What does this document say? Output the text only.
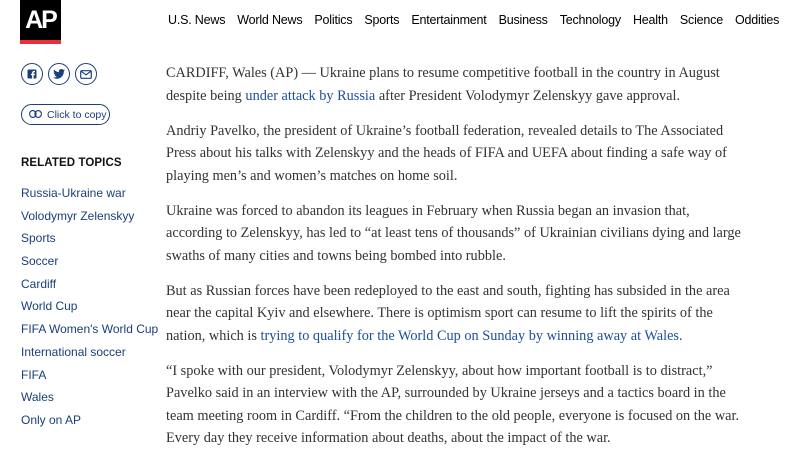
AP	U.S. News World News Politics Sports Entertainment Business Technology Health Science Oddities
Click to copy
RELATED TOPICS
Russia-Ukraine war
Volodymyr Zelenskyy
Sports
Soccer
Cardiff
World Cup
FIFA Women's World Cup
International soccer
FIFA
Wales
Only on AP

CARDIFF, Wales (AP) — Ukraine plans to resume competitive football in the country in August despite being under attack by Russia after President Volodymyr Zelenskyy gave approval.

Andriy Pavelko, the president of Ukraine’s football federation, revealed details to The Associated Press about his talks with Zelenskyy and the heads of FIFA and UEFA about finding a safe way of playing men’s and women’s matches on home soil.

Ukraine was forced to abandon its leagues in February when Russia began an invasion that, according to Zelenskyy, has led to “at least tens of thousands” of Ukrainian civilians dying and large swaths of many cities and towns being bombed into rubble.

But as Russian forces have been redeployed to the east and south, fighting has subsided in the area near the capital Kyiv and elsewhere. There is optimism sport can resume to lift the spirits of the nation, which is trying to qualify for the World Cup on Sunday by winning away at Wales.

“I spoke with our president, Volodymyr Zelenskyy, about how important football is to distract,” Pavelko said in an interview with the AP, surrounded by Ukraine jerseys and a tactics board in the team meeting room in Cardiff. “From the children to the old people, everyone is focused on the war. Every day they receive information about deaths, about the impact of the war.
